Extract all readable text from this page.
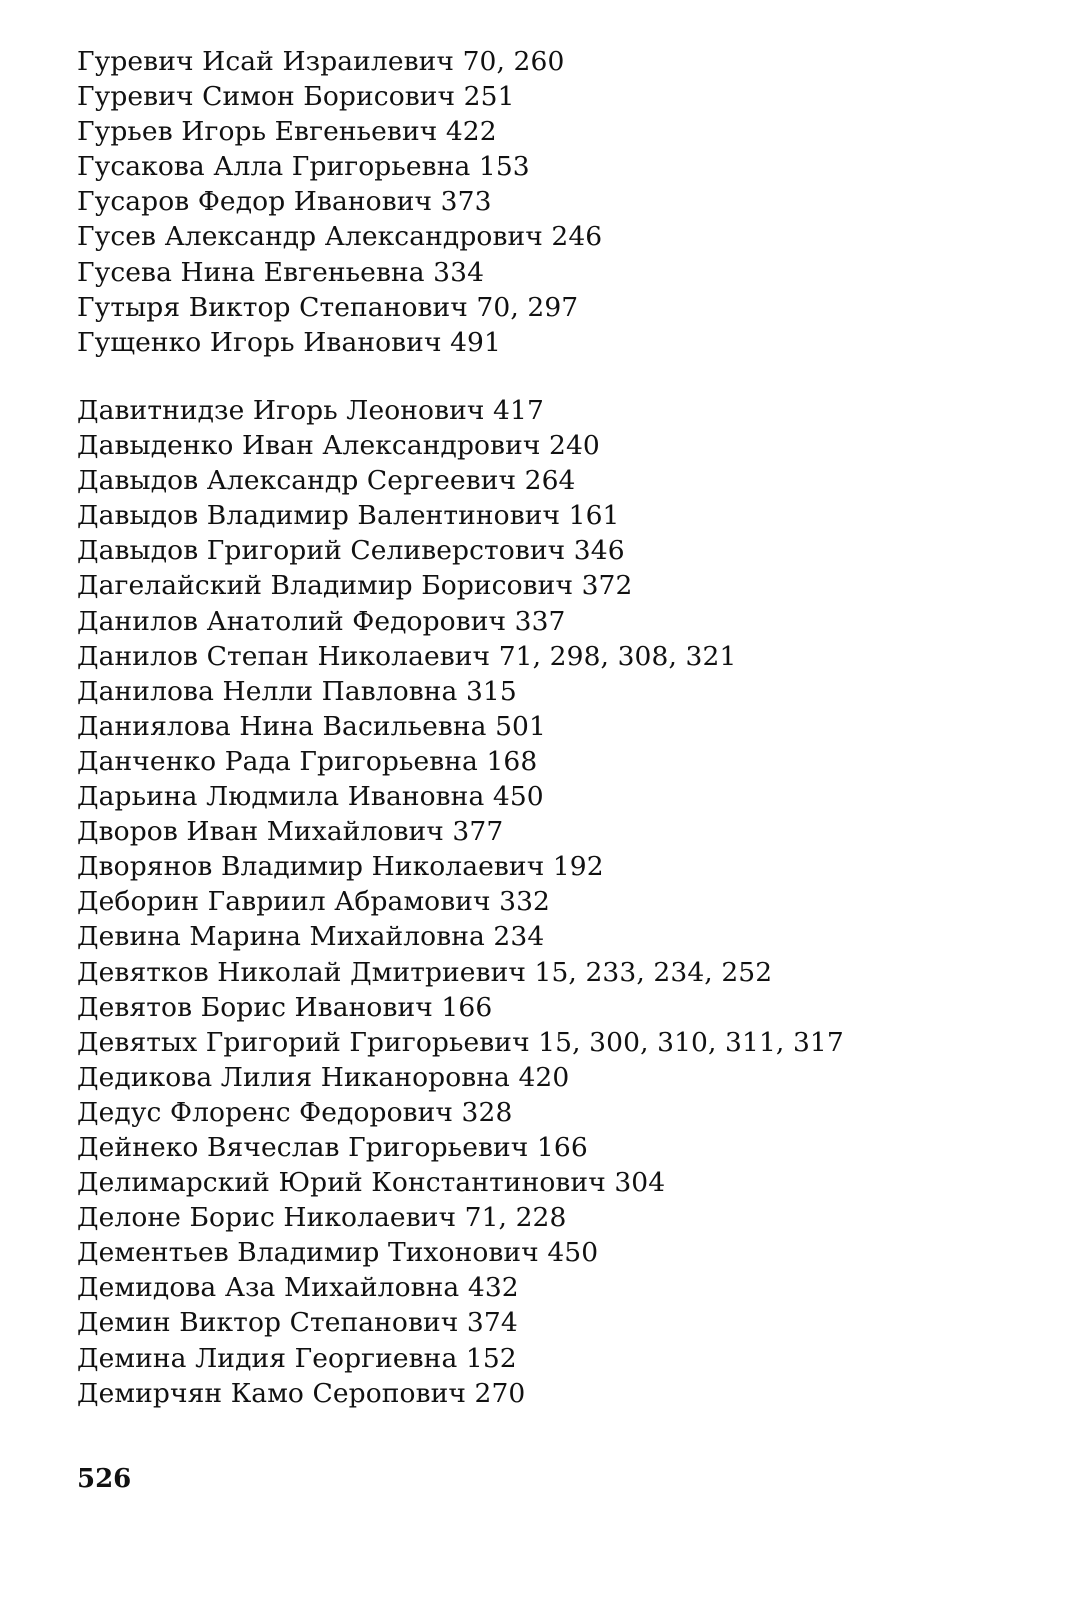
Гуревич Исай Израилевич 70, 260
Гуревич Симон Борисович 251
Гурьев Игорь Евгеньевич 422
Гусакова Алла Григорьевна 153
Гусаров Федор Иванович 373
Гусев Александр Александрович 246
Гусева Нина Евгеньевна 334
Гутыря Виктор Степанович 70, 297
Гущенко Игорь Иванович 491
Давитнидзе Игорь Леонович 417
Давыденко Иван Александрович 240
Давыдов Александр Сергеевич 264
Давыдов Владимир Валентинович 161
Давыдов Григорий Селиверстович 346
Дагелайский Владимир Борисович 372
Данилов Анатолий Федорович 337
Данилов Степан Николаевич 71, 298, 308, 321
Данилова Нелли Павловна 315
Даниялова Нина Васильевна 501
Данченко Рада Григорьевна 168
Дарьина Людмила Ивановна 450
Дворов Иван Михайлович 377
Дворянов Владимир Николаевич 192
Деборин Гавриил Абрамович 332
Девина Марина Михайловна 234
Девятков Николай Дмитриевич 15, 233, 234, 252
Девятов Борис Иванович 166
Девятых Григорий Григорьевич 15, 300, 310, 311, 317
Дедикова Лилия Никаноровна 420
Дедус Флоренс Федорович 328
Дейнеко Вячеслав Григорьевич 166
Делимарский Юрий Константинович 304
Делоне Борис Николаевич 71, 228
Дементьев Владимир Тихонович 450
Демидова Аза Михайловна 432
Демин Виктор Степанович 374
Демина Лидия Георгиевна 152
Демирчян Камо Серопович 270
526
